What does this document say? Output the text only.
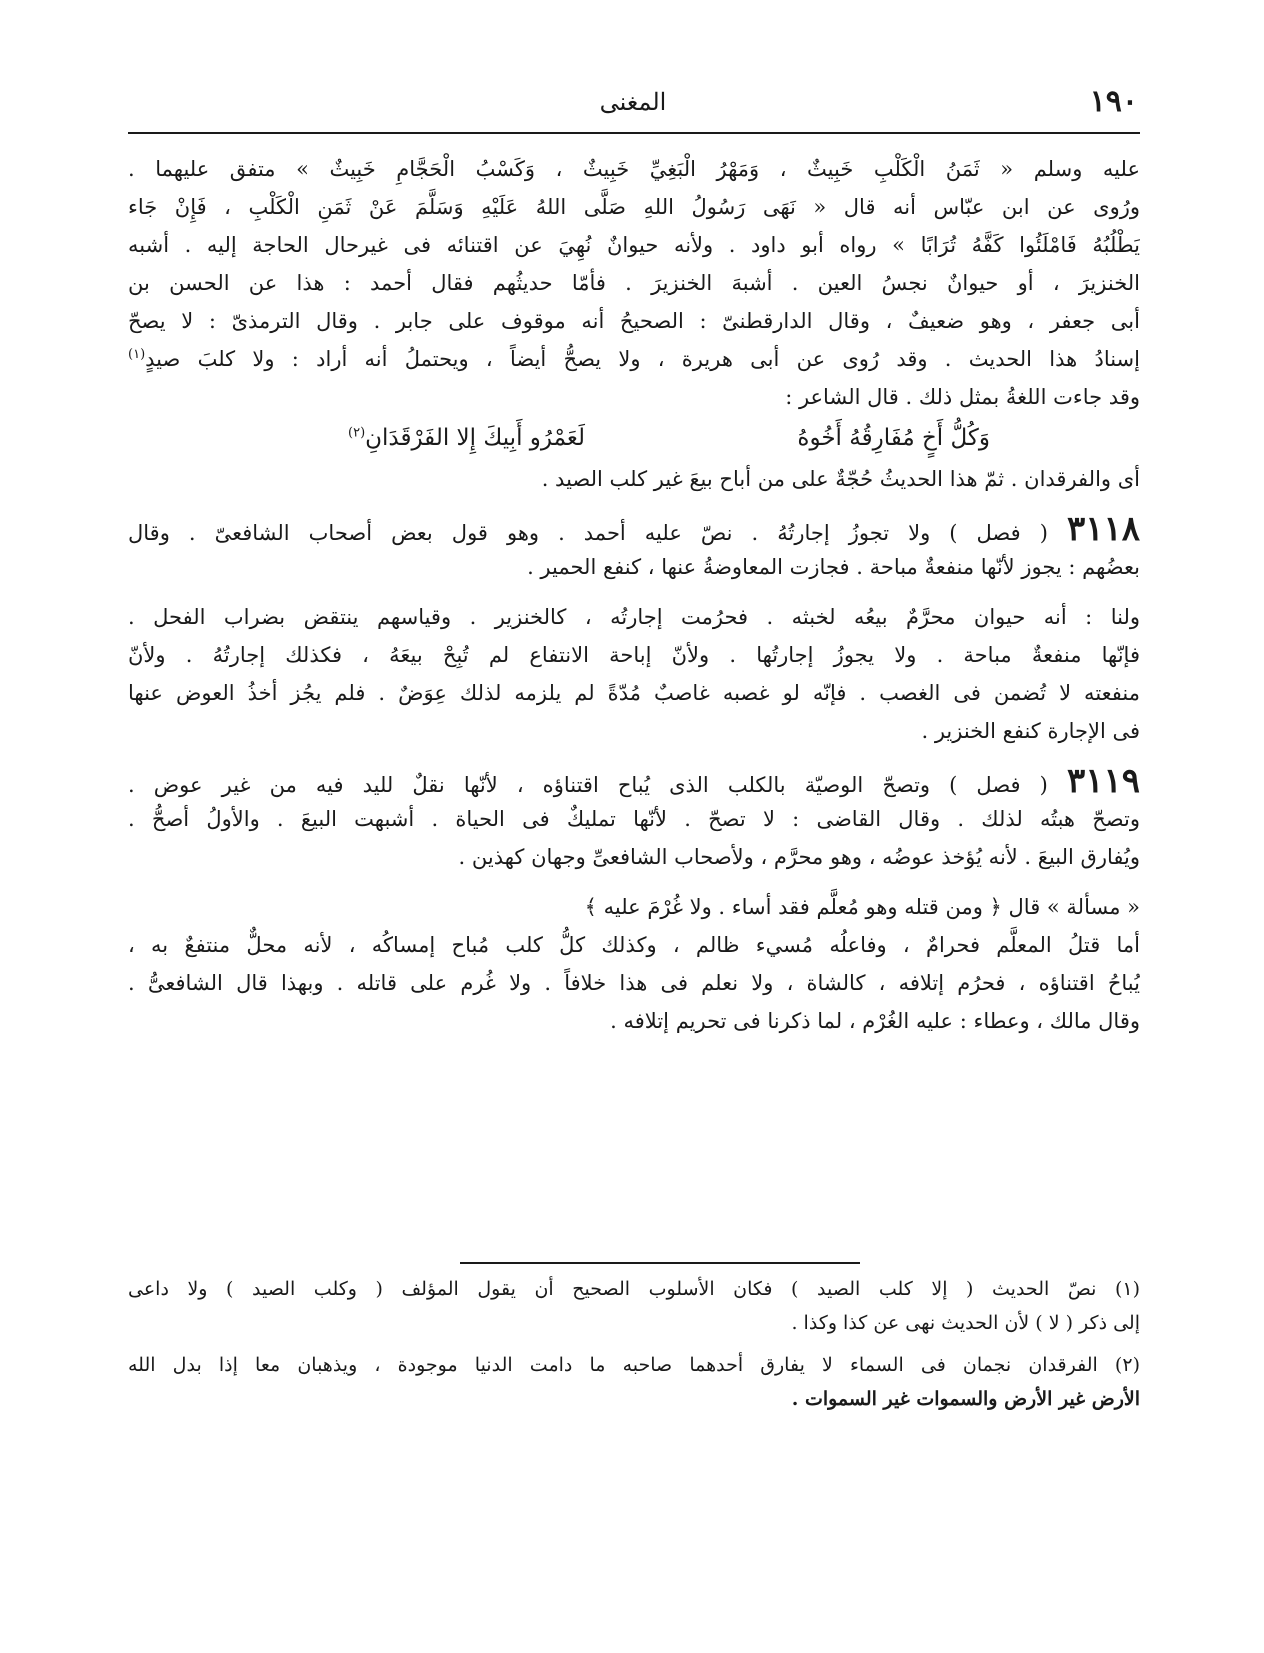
١٩٠
المغنى
عليه وسلم « ثَمَنُ الْكَلْبِ خَبِيثٌ ، وَمَهْرُ الْبَغِيِّ خَبِيثٌ ، وَكَسْبُ الْحَجَّامِ خَبِيثٌ » متفق عليهما .
ورُوى عن ابن عبّاس أنه قال « نَهَى رَسُولُ اللهِ صَلَّى اللهُ عَلَيْهِ وَسَلَّمَ عَنْ ثَمَنِ الْكَلْبِ ، فَإِنْ جَاء
يَطْلُبُهُ فَامْلَئُوا كَفَّهُ تُرَابًا » رواه أبو داود . ولأنه حيوانٌ نُهِيَ عن اقتنائه فى غيرحال الحاجة إليه . أشبه
الخنزيرَ ، أو حيوانٌ نجسُ العين . أشبهَ الخنزيرَ . فأمّا حديثُهم فقال أحمد : هذا عن الحسن بن
أبى جعفر ، وهو ضعيفٌ ، وقال الدارقطنىّ : الصحيحُ أنه موقوف على جابر . وقال الترمذىّ : لا يصحّ
إسنادُ هذا الحديث . وقد رُوى عن أبى هريرة ، ولا يصحُّ أيضاً ، ويحتملُ أنه أراد : ولا كلبَ صيدٍ$^{(١)}$
وقد جاءت اللغةُ بمثل ذلك . قال الشاعر :
وَكُلُّ أَخٍ مُفَارِقُهُ أَخُوهُ
لَعَمْرُو أَبِيكَ إِلا الفَرْقَدَانِ$^{(٢)}$
أى والفرقدان . ثمّ هذا الحديثُ حُجّةٌ على من أباح بيعَ غير كلب الصيد .
٣١١٨ ( فصل ) ولا تجوزُ إجارتُهُ . نصّ عليه أحمد . وهو قول بعض أصحاب الشافعىّ . وقال
بعضُهم : يجوز لأنّها منفعةٌ مباحة . فجازت المعاوضةُ عنها ، كنفع الحمير .
ولنا : أنه حيوان محرَّمٌ بيعُه لخبثه . فحرُمت إجارتُه ، كالخنزير . وقياسهم ينتقض بضراب الفحل .
فإنّها منفعةٌ مباحة . ولا يجوزُ إجارتُها . ولأنّ إباحة الانتفاع لم تُبِحْ بيعَهُ ، فكذلك إجارتُهُ . ولأنّ
منفعته لا تُضمن فى الغصب . فإنّه لو غصبه غاصبٌ مُدّةً لم يلزمه لذلك عِوَضٌ . فلم يجُز أخذُ العوض عنها
فى الإجارة كنفع الخنزير .
٣١١٩ ( فصل ) وتصحّ الوصيّة بالكلب الذى يُباح اقتناؤه ، لأنّها نقلٌ لليد فيه من غير عوض .
وتصحّ هبتُه لذلك . وقال القاضى : لا تصحّ . لأنّها تمليكٌ فى الحياة . أشبهت البيعَ . والأولُ أصحُّ .
ويُفارق البيعَ . لأنه يُؤخذ عوضُه ، وهو محرَّم ، ولأصحاب الشافعىِّ وجهان كهذين .
« مسألة » قال ﴿ ومن قتله وهو مُعلَّم فقد أساء . ولا غُرْمَ عليه ﴾
أما قتلُ المعلَّم فحرامٌ ، وفاعلُه مُسيء ظالم ، وكذلك كلُّ كلب مُباح إمساكُه ، لأنه محلٌّ منتفعٌ به ،
يُباحُ اقتناؤه ، فحرُم إتلافه ، كالشاة ، ولا نعلم فى هذا خلافاً . ولا غُرم على قاتله . وبهذا قال الشافعىُّ .
وقال مالك ، وعطاء : عليه الغُرْم ، لما ذكرنا فى تحريم إتلافه .
(١) نصّ الحديث ( إلا كلب الصيد ) فكان الأسلوب الصحيح أن يقول المؤلف ( وكلب الصيد ) ولا داعى
إلى ذكر ( لا ) لأن الحديث نهى عن كذا وكذا .
(٢) الفرقدان نجمان فى السماء لا يفارق أحدهما صاحبه ما دامت الدنيا موجودة ، ويذهبان معا إذا بدل الله
الأرض غير الأرض والسموات غير السموات .
